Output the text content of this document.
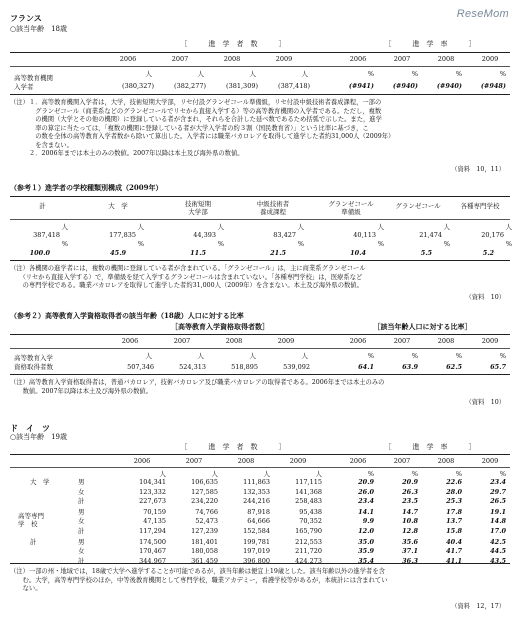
ReseMom
フランス
○該当年齢　18歳
［　　　進　学　者　数　　　］	［　　　進　学　率　　　］
2006	2007	2008	2009	2006	2007	2008	2009
高等教育機関
入学者
人	人	人	人	%	%	%	%
(380,327)	(382,277)	(381,309)	(387,418)	(#941)	(#940)	(#940)	(#948)
（注）１．高等教育機関入学者は，大学，技術短期大学部，リセ付設グランゼコール準備級，リセ付設中級技術者養成課程，一部の
　　　　グランゼコール（商業系などのグランゼコールでリセから直接入学する）等の高等教育機関の入学者である。ただし，複数
　　　　の機関（大学とその他の機関）に登録している者が含まれ，それらを合計した延べ数であるため括弧で示した。また，進学
　　　　率の算定に当たっては，「複数の機関に登録している者が大学入学者の約３割（国民教育省）」という比率に基づき，こ
　　　　の数を全体の高等教育入学者数から除いて算出した。入学者には職業バカロレアを取得して進学した者約31,000人（2009年）
　　　　を含まない。
　　　２．2006年までは本土のみの数値。2007年以降は本土及び海外県の数値。
（資料　10，11）
（参考１）進学者の学校種類別構成（2009年）
計	大　学	技術短期
大学部
中級技術者
養成課程
グランゼコール
準備級
グランゼコール	各種専門学校
人	人	人	人	人	人	人
387,418	177,835	44,393	83,427	40,113	21,474	20,176
%	%	%	%	%	%	%
100.0	45.9	11.5	21.5	10.4	5.5	5.2
（注）各機関の進学者には，複数の機関に登録している者が含まれている。「グランゼコール」は，主に商業系グランゼコール
　　（リセから直接入学する）で，準備級を経て入学するグランゼコールは含まれていない。「各種専門学校」は，医療系など
　　の専門学校である。職業バカロレアを取得して進学した者約31,000人（2009年）を含まない。本土及び海外県の数値。
（資料　10）
（参考２）高等教育入学資格取得者の該当年齢（18歳）人口に対する比率
［高等教育入学資格取得者数］	［該当年齢人口に対する比率］
2006	2007	2008	2009	2006	2007	2008	2009
高等教育入学
資格取得者数
人	人	人	人	%	%	%	%
507,346	524,313	518,895	539,092	64.1	63.9	62.5	65.7
（注）高等教育入学資格取得者は，普通バカロレア，技術バカロレア及び職業バカロレアの取得者である。2006年までは本土のみの
　　数値。2007年以降は本土及び海外県の数値。
（資料　10）
ド　イ　ツ
○該当年齢　19歳
［　　　進　学　者　数　　　］	［　　　進　学　率　　　］
2006	2007	2008	2009	2006	2007	2008	2009
人	人	人	人	%	%	%	%
大　学	男	104,341	106,635	111,863	117,115	20.9	20.9	22.6	23.4
女	123,332	127,585	132,353	141,368	26.0	26.3	28.0	29.7
計	227,673	234,220	244,216	258,483	23.4	23.5	25.3	26.5
高等専門
学　校
男	70,159	74,766	87,918	95,438	14.1	14.7	17.8	19.1
女	47,135	52,473	64,666	70,352	9.9	10.8	13.7	14.8
計	117,294	127,239	152,584	165,790	12.0	12.8	15.8	17.0
計	男	174,500	181,401	199,781	212,553	35.0	35.6	40.4	42.5
女	170,467	180,058	197,019	211,720	35.9	37.1	41.7	44.5
計	344,967	361,459	396,800	424,273	35.4	36.3	41.1	43.5
（注）一部の州・地域では，18歳で大学へ進学することが可能であるが，該当年齢は便宜上19歳とした。該当年齢以外の進学者を含
　　む。大学，高等専門学校のほか，中等後教育機関として専門学校，職業アカデミー，看護学校等があるが，本統計には含まれてい
　　ない。
（資料　12，17）
